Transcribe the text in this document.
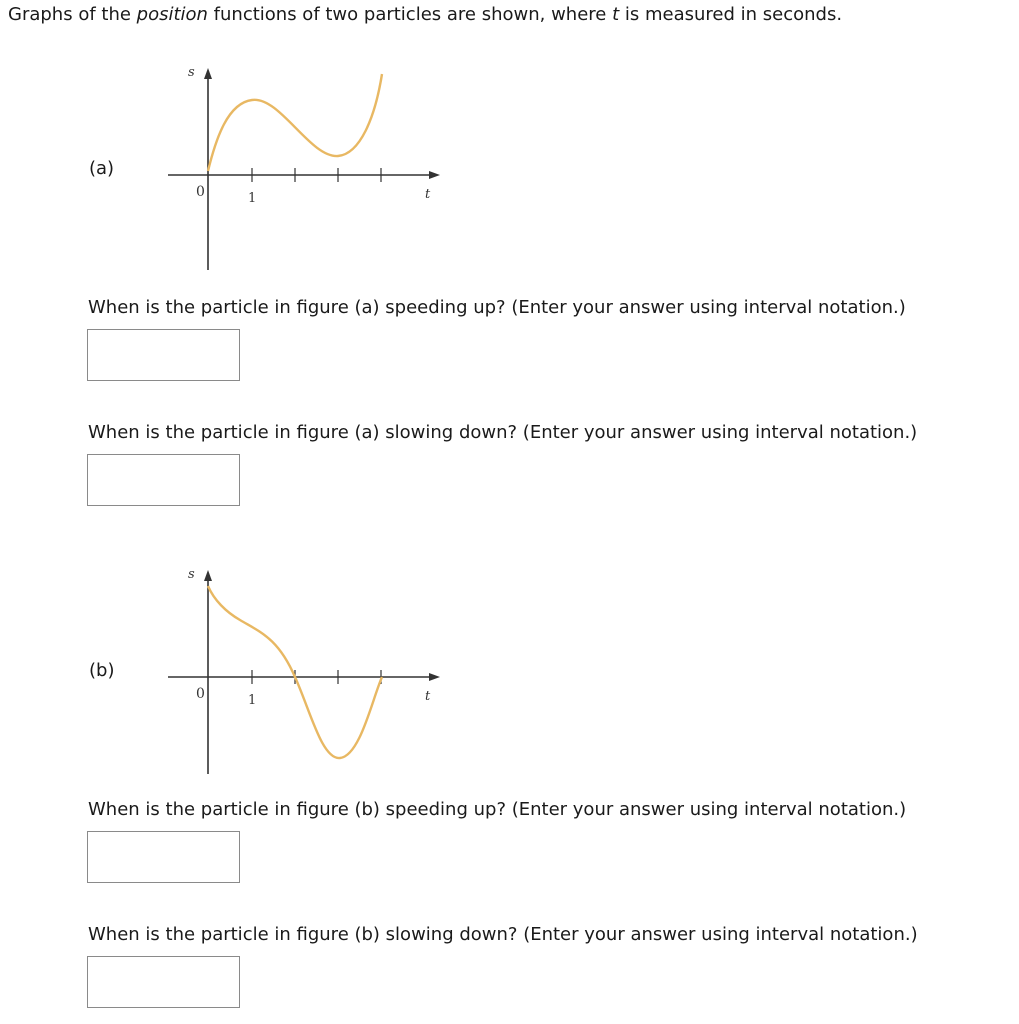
Graphs of the position functions of two particles are shown, where t is measured in seconds.
(a)
s
0	1	t
When is the particle in figure (a) speeding up? (Enter your answer using interval notation.)
When is the particle in figure (a) slowing down? (Enter your answer using interval notation.)
(b)
s
0	1	t
When is the particle in figure (b) speeding up? (Enter your answer using interval notation.)
When is the particle in figure (b) slowing down? (Enter your answer using interval notation.)
